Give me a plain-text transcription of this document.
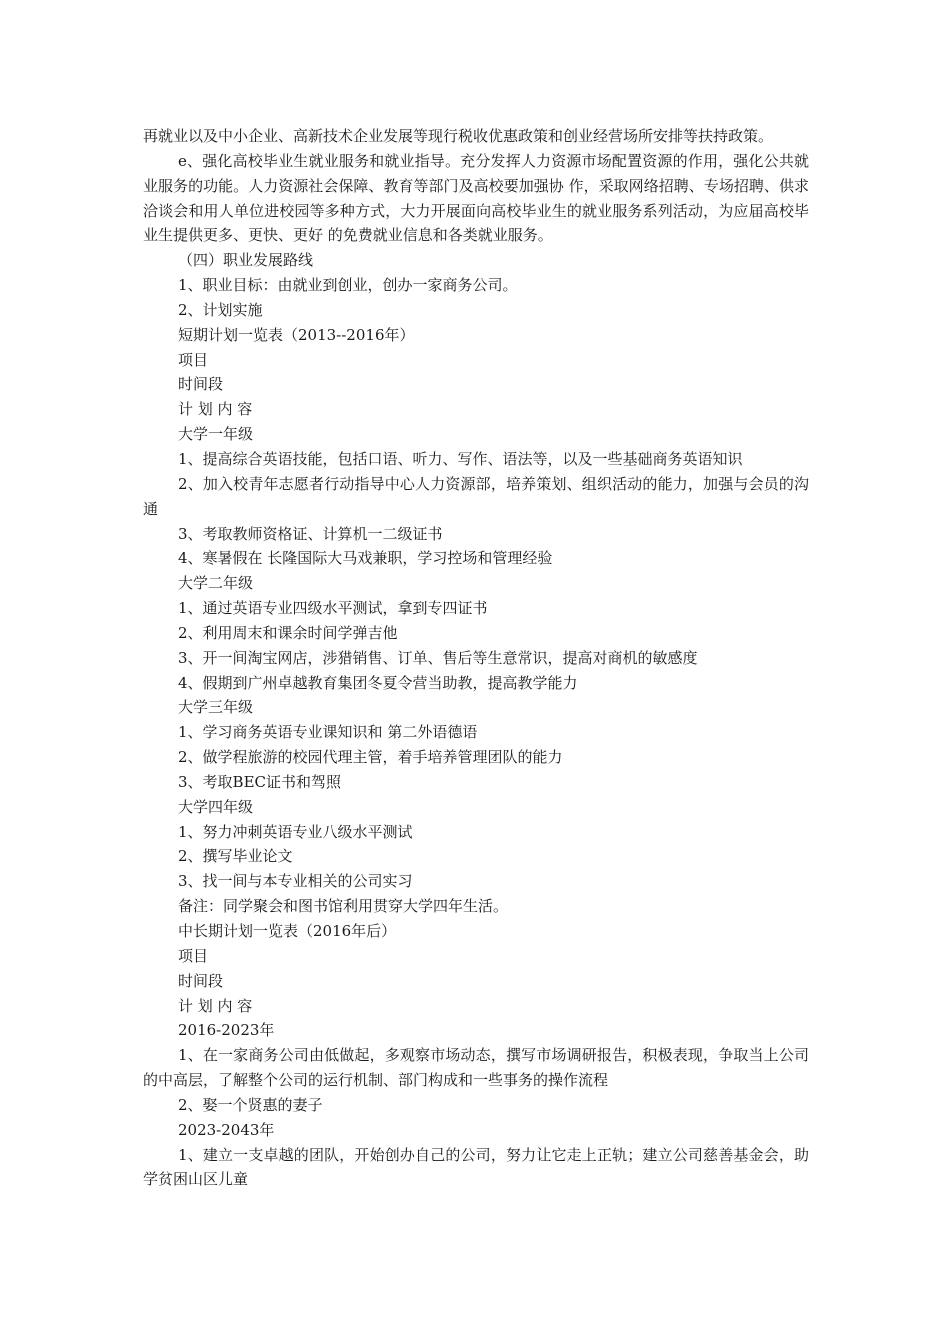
再就业以及中小企业、高新技术企业发展等现行税收优惠政策和创业经营场所安排等扶持政策。

e、强化高校毕业生就业服务和就业指导。充分发挥人力资源市场配置资源的作用，强化公共就业服务的功能。人力资源社会保障、教育等部门及高校要加强协 作，采取网络招聘、专场招聘、供求洽谈会和用人单位进校园等多种方式，大力开展面向高校毕业生的就业服务系列活动，为应届高校毕业生提供更多、更快、更好 的免费就业信息和各类就业服务。

（四）职业发展路线

1、职业目标：由就业到创业，创办一家商务公司。

2、计划实施

短期计划一览表（2013--2016年）

项目

时间段

计 划 内 容

大学一年级

1、提高综合英语技能，包括口语、听力、写作、语法等，以及一些基础商务英语知识

2、加入校青年志愿者行动指导中心人力资源部，培养策划、组织活动的能力，加强与会员的沟通

3、考取教师资格证、计算机一二级证书

4、寒暑假在 长隆国际大马戏兼职，学习控场和管理经验

大学二年级

1、通过英语专业四级水平测试，拿到专四证书

2、利用周末和课余时间学弹吉他

3、开一间淘宝网店，涉猎销售、订单、售后等生意常识，提高对商机的敏感度

4、假期到广州卓越教育集团冬夏令营当助教，提高教学能力

大学三年级

1、学习商务英语专业课知识和 第二外语德语

2、做学程旅游的校园代理主管，着手培养管理团队的能力

3、考取BEC证书和驾照

大学四年级

1、努力冲刺英语专业八级水平测试

2、撰写毕业论文

3、找一间与本专业相关的公司实习

备注：同学聚会和图书馆利用贯穿大学四年生活。

中长期计划一览表（2016年后）

项目

时间段

计 划 内 容

2016-2023年

1、在一家商务公司由低做起，多观察市场动态，撰写市场调研报告，积极表现，争取当上公司的中高层，了解整个公司的运行机制、部门构成和一些事务的操作流程

2、娶一个贤惠的妻子

2023-2043年

1、建立一支卓越的团队，开始创办自己的公司，努力让它走上正轨；建立公司慈善基金会，助学贫困山区儿童
